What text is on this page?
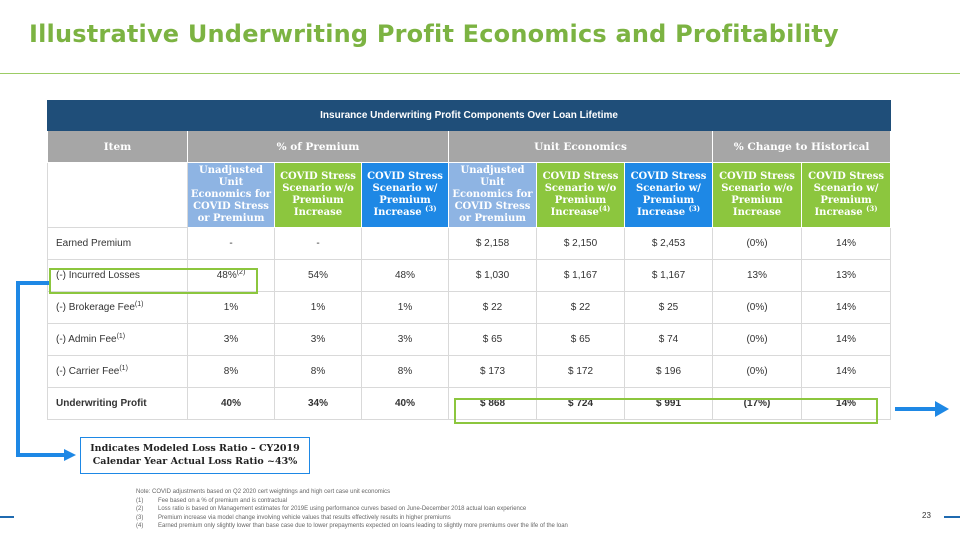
Illustrative Underwriting Profit Economics and Profitability
Insurance Underwriting Profit Components Over Loan Lifetime								
Item	% of Premium			Unit Economics			% Change to Historical	
	Unadjusted Unit Economics for COVID Stress or Premium	COVID Stress Scenario w/o Premium Increase	COVID Stress Scenario w/ Premium Increase $^{(3)}$	Unadjusted Unit Economics for COVID Stress or Premium	COVID Stress Scenario w/o Premium Increase$^{(4)}$	COVID Stress Scenario w/ Premium Increase $^{(3)}$	COVID Stress Scenario w/o Premium Increase	COVID Stress Scenario w/ Premium Increase $^{(3)}$
Earned Premium	-	-		$ 2,158	$ 2,150	$ 2,453	(0%)	14%
(-) Incurred Losses	48%$^{(2)}$	54%	48%	$ 1,030	$ 1,167	$ 1,167	13%	13%
(-) Brokerage Fee$^{(1)}$	1%	1%	1%	$ 22	$ 22	$ 25	(0%)	14%
(-) Admin Fee$^{(1)}$	3%	3%	3%	$ 65	$ 65	$ 74	(0%)	14%
(-) Carrier Fee$^{(1)}$	8%	8%	8%	$ 173	$ 172	$ 196	(0%)	14%
Underwriting Profit	40%	34%	40%	$ 868	$ 724	$ 991	(17%)	14%
Indicates Modeled Loss Ratio – CY2019
Calendar Year Actual Loss Ratio ~43%
Note: COVID adjustments based on Q2 2020 cert weightings and high cert case unit economics
(1)	Fee based on a % of premium and is contractual
(2)	Loss ratio is based on Management estimates for 2019E using performance curves based on June-December 2018 actual loan experience
(3)	Premium increase via model change involving vehicle values that results effectively results in higher premiums
(4)	Earned premium only slightly lower than base case due to lower prepayments expected on loans leading to slightly more premiums over the life of the loan
23
